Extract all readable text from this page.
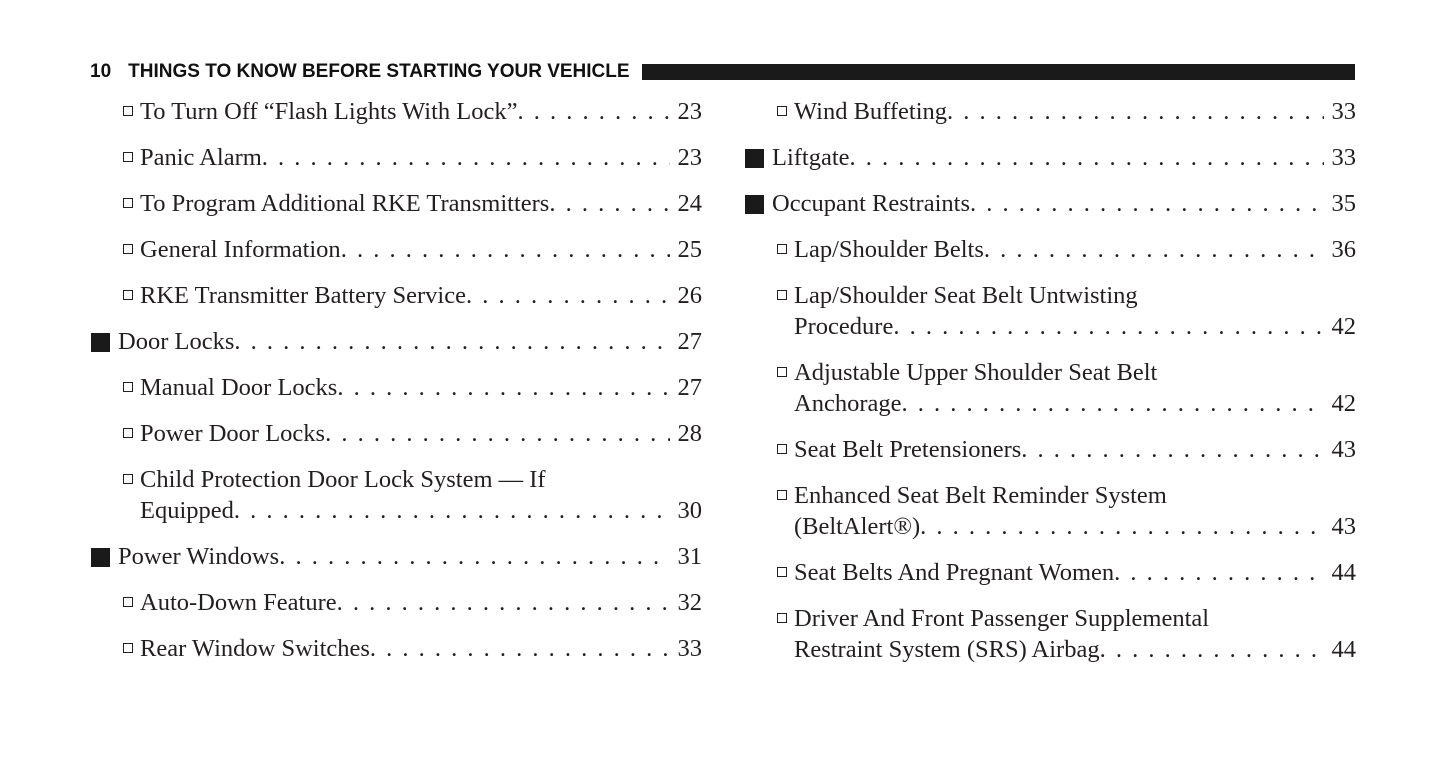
10 THINGS TO KNOW BEFORE STARTING YOUR VEHICLE
To Turn Off “Flash Lights With Lock” . . .	23
Panic Alarm . . .	23
To Program Additional RKE Transmitters . . .	24
General Information . . .	25
RKE Transmitter Battery Service . . .	26
Door Locks . . .	27
Manual Door Locks . . .	27
Power Door Locks . . .	28
Child Protection Door Lock System — If
Equipped . . .	30
Power Windows . . .	31
Auto-Down Feature . . .	32
Rear Window Switches . . .	33
Wind Buffeting . . .	33
Liftgate . . .	33
Occupant Restraints . . .	35
Lap/Shoulder Belts . . .	36
Lap/Shoulder Seat Belt Untwisting
Procedure . . .	42
Adjustable Upper Shoulder Seat Belt
Anchorage . . .	42
Seat Belt Pretensioners . . .	43
Enhanced Seat Belt Reminder System
(BeltAlert®) . . .	43
Seat Belts And Pregnant Women . . .	44
Driver And Front Passenger Supplemental
Restraint System (SRS) Airbag . . .	44
